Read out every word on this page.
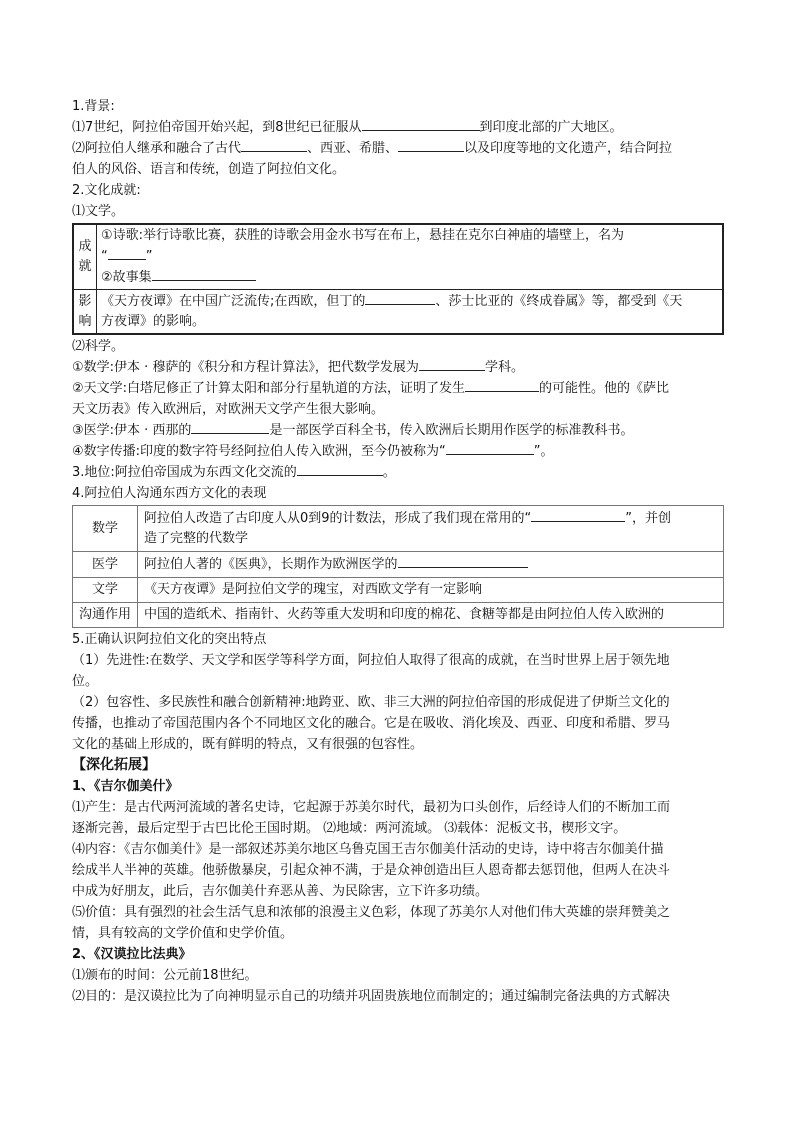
1.背景:
⑴7世纪，阿拉伯帝国开始兴起，到8世纪已征服从	到印度北部的广大地区。
⑵阿拉伯人继承和融合了古代	、西亚、希腊、	以及印度等地的文化遗产，结合阿拉
伯人的风俗、语言和传统，创造了阿拉伯文化。
2.文化成就:
⑴文学。
成就	①诗歌:举行诗歌比赛，获胜的诗歌会用金水书写在布上，悬挂在克尔白神庙的墙壁上，名为
“ ”
②故事集

影响	《天方夜谭》在中国广泛流传;在西欧，但丁的 、莎士比亚的《终成眷属》等，都受到《天
方夜谭》的影响。
⑵科学。
①数学:伊本 · 穆萨的《积分和方程计算法》，把代数学发展为	学科。
②天文学:白塔尼修正了计算太阳和部分行星轨道的方法，证明了发生	的可能性。他的《萨比
天文历表》传入欧洲后，对欧洲天文学产生很大影响。
③医学:伊本 · 西那的	是一部医学百科全书，传入欧洲后长期用作医学的标准教科书。
④数字传播:印度的数字符号经阿拉伯人传入欧洲，至今仍被称为“	”。
3.地位:阿拉伯帝国成为东西文化交流的	。
4.阿拉伯人沟通东西方文化的表现
数学	阿拉伯人改造了古印度人从0到9的计数法，形成了我们现在常用的“ ”，并创
造了完整的代数学

医学	阿拉伯人著的《医典》，长期作为欧洲医学的
文学	《天方夜谭》是阿拉伯文学的瑰宝，对西欧文学有一定影响
沟通作用	中国的造纸术、指南针、火药等重大发明和印度的棉花、食糖等都是由阿拉伯人传入欧洲的
5.正确认识阿拉伯文化的突出特点
（1）先进性:在数学、天文学和医学等科学方面，阿拉伯人取得了很高的成就，在当时世界上居于领先地
位。
（2）包容性、多民族性和融合创新精神:地跨亚、欧、非三大洲的阿拉伯帝国的形成促进了伊斯兰文化的
传播，也推动了帝国范围内各个不同地区文化的融合。它是在吸收、消化埃及、西亚、印度和希腊、罗马
文化的基础上形成的，既有鲜明的特点，又有很强的包容性。
【深化拓展】
1、《吉尔伽美什》
⑴产生：是古代两河流域的著名史诗，它起源于苏美尔时代，最初为口头创作，后经诗人们的不断加工而
逐渐完善，最后定型于古巴比伦王国时期。 ⑵地域：两河流域。 ⑶载体：泥板文书，楔形文字。
⑷内容：《吉尔伽美什》是一部叙述苏美尔地区乌鲁克国王吉尔伽美什活动的史诗，诗中将吉尔伽美什描
绘成半人半神的英雄。他骄傲暴戾，引起众神不满，于是众神创造出巨人恩奇都去惩罚他，但两人在决斗
中成为好朋友，此后，吉尔伽美什弃恶从善、为民除害，立下许多功绩。
⑸价值：具有强烈的社会生活气息和浓郁的浪漫主义色彩，体现了苏美尔人对他们伟大英雄的崇拜赞美之
情，具有较高的文学价值和史学价值。
2、《汉谟拉比法典》
⑴颁布的时间：公元前18世纪。
⑵目的：是汉谟拉比为了向神明显示自己的功绩并巩固贵族地位而制定的；通过编制完备法典的方式解决
